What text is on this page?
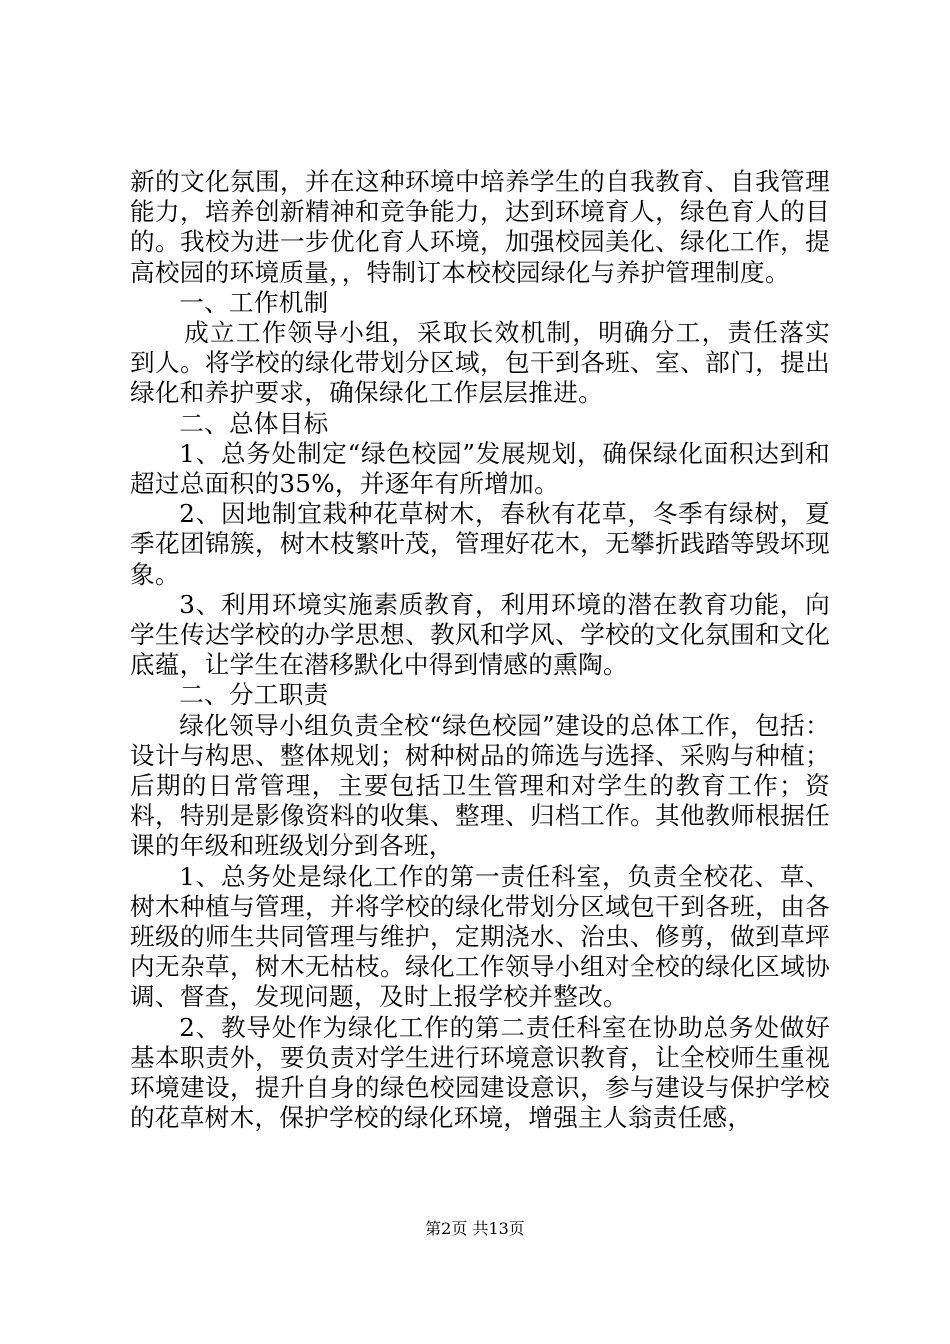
新的文化氛围，并在这种环境中培养学生的自我教育、自我管理能力，培养创新精神和竞争能力，达到环境育人，绿色育人的目的。我校为进一步优化育人环境，加强校园美化、绿化工作，提高校园的环境质量，，特制订本校校园绿化与养护管理制度。

一、工作机制

成立工作领导小组，采取长效机制，明确分工，责任落实到人。将学校的绿化带划分区域，包干到各班、室、部门，提出绿化和养护要求，确保绿化工作层层推进。

二、总体目标

1、总务处制定“绿色校园”发展规划，确保绿化面积达到和超过总面积的35%，并逐年有所增加。

2、因地制宜栽种花草树木，春秋有花草，冬季有绿树，夏季花团锦簇，树木枝繁叶茂，管理好花木，无攀折践踏等毁坏现象。

3、利用环境实施素质教育，利用环境的潜在教育功能，向学生传达学校的办学思想、教风和学风、学校的文化氛围和文化底蕴，让学生在潜移默化中得到情感的熏陶。

二、分工职责

绿化领导小组负责全校“绿色校园”建设的总体工作，包括：设计与构思、整体规划；树种树品的筛选与选择、采购与种植；后期的日常管理，主要包括卫生管理和对学生的教育工作；资料，特别是影像资料的收集、整理、归档工作。其他教师根据任课的年级和班级划分到各班，

1、总务处是绿化工作的第一责任科室，负责全校花、草、树木种植与管理，并将学校的绿化带划分区域包干到各班，由各班级的师生共同管理与维护，定期浇水、治虫、修剪，做到草坪内无杂草，树木无枯枝。绿化工作领导小组对全校的绿化区域协调、督查，发现问题，及时上报学校并整改。

2、教导处作为绿化工作的第二责任科室在协助总务处做好基本职责外，要负责对学生进行环境意识教育，让全校师生重视环境建设，提升自身的绿色校园建设意识，参与建设与保护学校的花草树木，保护学校的绿化环境，增强主人翁责任感，

第2页 共13页
